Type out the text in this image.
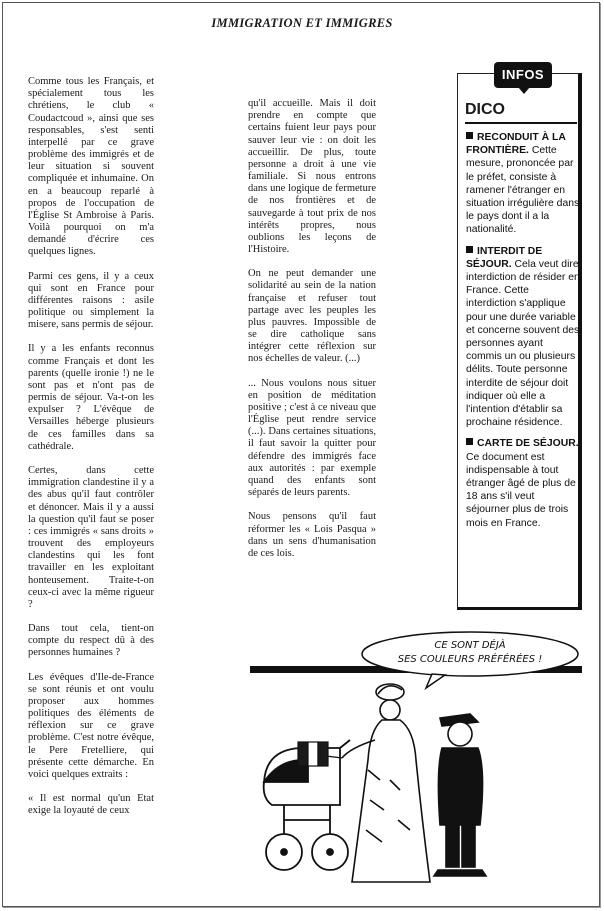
IMMIGRATION ET IMMIGRES

Comme tous les Français, et spécialement tous les chrétiens, le club « Coudactcoud », ainsi que ses responsables, s'est senti interpellé par ce grave problème des immigrés et de leur situation si souvent compliquée et inhumaine. On en a beaucoup reparlé à propos de l'occupation de l'Église St Ambroise à Paris. Voilà pourquoi on m'a demandé d'écrire ces quelques lignes.

Parmi ces gens, il y a ceux qui sont en France pour différentes raisons : asile politique ou simplement la misere, sans permis de séjour.

Il y a les enfants reconnus comme Français et dont les parents (quelle ironie !) ne le sont pas et n'ont pas de permis de séjour. Va-t-on les expulser ? L'évêque de Versailles héberge plusieurs de ces familles dans sa cathédrale.

Certes, dans cette immigration clandestine il y a des abus qu'il faut contrôler et dénoncer. Mais il y a aussi la question qu'il faut se poser : ces immigrés « sans droits » trouvent des employeurs clandestins qui les font travailler en les exploitant honteusement. Traite-t-on ceux-ci avec la même rigueur ?

Dans tout cela, tient-on compte du respect dû à des personnes humaines ?

Les évêques d'Ile-de-France se sont réunis et ont voulu proposer aux hommes politiques des éléments de réflexion sur ce grave problème. C'est notre évêque, le Pere Fretelliere, qui présente cette démarche. En voici quelques extraits :

« Il est normal qu'un Etat exige la loyauté de ceux

qu'il accueille. Mais il doit prendre en compte que certains fuient leur pays pour sauver leur vie : on doit les accueillir. De plus, toute personne a droit à une vie familiale. Si nous entrons dans une logique de fermeture de nos frontières et de sauvegarde à tout prix de nos intérêts propres, nous oublions les leçons de l'Histoire.

On ne peut demander une solidarité au sein de la nation française et refuser tout partage avec les peuples les plus pauvres. Impossible de se dire catholique sans intégrer cette réflexion sur nos échelles de valeur. (...)

... Nous voulons nous situer en position de méditation positive ; c'est à ce niveau que l'Église peut rendre service (...). Dans certaines situations, il faut savoir la quitter pour défendre des immigrés face aux autorités : par exemple quand des enfants sont séparés de leurs parents.

Nous pensons qu'il faut réformer les « Lois Pasqua » dans un sens d'humanisation de ces lois.

INFOS
DICO
RECONDUIT À LA FRONTIÈRE. Cette mesure, prononcée par le préfet, consiste à ramener l'étranger en situation irrégulière dans le pays dont il a la nationalité.
INTERDIT DE SÉJOUR. Cela veut dire interdiction de résider en France. Cette interdiction s'applique pour une durée variable et concerne souvent des personnes ayant commis un ou plusieurs délits. Toute personne interdite de séjour doit indiquer où elle a l'intention d'établir sa prochaine résidence.
CARTE DE SÉJOUR. Ce document est indispensable à tout étranger âgé de plus de 18 ans s'il veut séjourner plus de trois mois en France.
CE SONT DÉJÀ
SES COULEURS PRÉFÉRÉES !
